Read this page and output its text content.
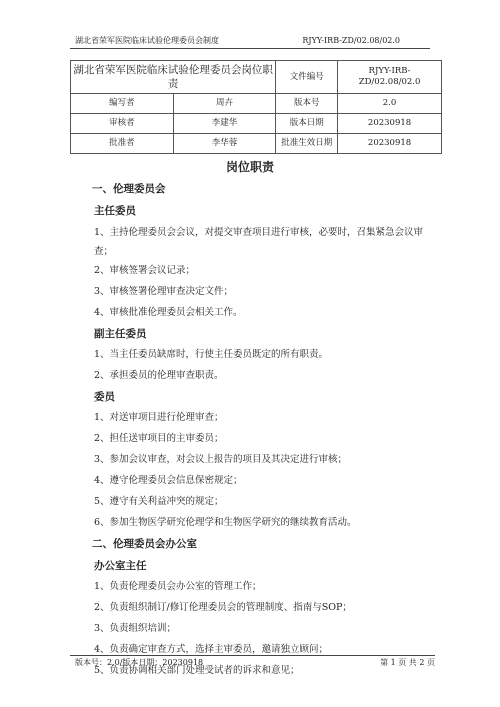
湖北省荣军医院临床试验伦理委员会制度	RJYY-IRB-ZD/02.08/02.0
湖北省荣军医院临床试验伦理委员会岗位职责		文件编号	RJYY-IRB-ZD/02.08/02.0

编写者	周卉	版本号	2.0
审核者	李建华	版本日期	20230918
批准者	李华蓉	批准生效日期	20230918
岗位职责
一、伦理委员会
主任委员
1、主持伦理委员会会议，对提交审查项目进行审核，必要时，召集紧急会议审查；
2、审核签署会议记录；
3、审核签署伦理审查决定文件；
4、审核批准伦理委员会相关工作。
副主任委员
1、当主任委员缺席时，行使主任委员既定的所有职责。
2、承担委员的伦理审查职责。
委员
1、对送审项目进行伦理审查；
2、担任送审项目的主审委员；
3、参加会议审查，对会议上报告的项目及其决定进行审核；
4、遵守伦理委员会信息保密规定；
5、遵守有关利益冲突的规定；
6、参加生物医学研究伦理学和生物医学研究的继续教育活动。
二、伦理委员会办公室
办公室主任
1、负责伦理委员会办公室的管理工作；
2、负责组织制订/修订伦理委员会的管理制度、指南与SOP；
3、负责组织培训；
4、负责确定审查方式，选择主审委员，邀请独立顾问；
5、负责协调相关部门处理受试者的诉求和意见；
版本号：2.0/版本日期：20230918	第 1 页 共 2 页
